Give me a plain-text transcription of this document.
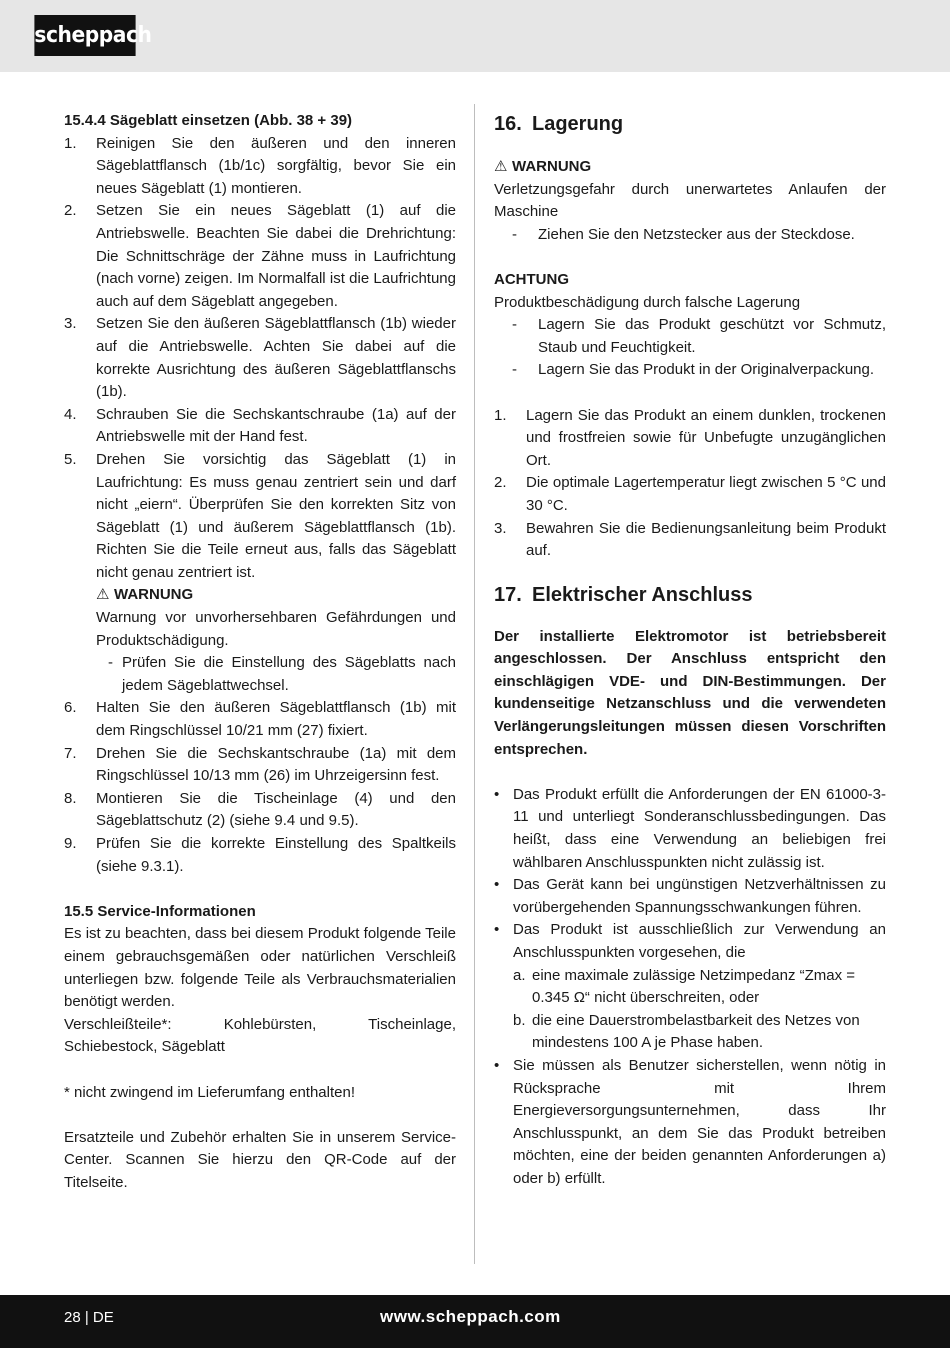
scheppach

15.4.4 Sägeblatt einsetzen (Abb. 38 + 39)

1.	Reinigen Sie den äußeren und den inneren Sägeblattflansch (1b/1c) sorgfältig, bevor Sie ein neues Sägeblatt (1) montieren.
2.	Setzen Sie ein neues Sägeblatt (1) auf die Antriebswelle. Beachten Sie dabei die Drehrichtung: Die Schnittschräge der Zähne muss in Laufrichtung (nach vorne) zeigen. Im Normalfall ist die Laufrichtung auch auf dem Sägeblatt angegeben.
3.	Setzen Sie den äußeren Sägeblattflansch (1b) wieder auf die Antriebswelle. Achten Sie dabei auf die korrekte Ausrichtung des äußeren Sägeblattflanschs (1b).
4.	Schrauben Sie die Sechskantschraube (1a) auf der Antriebswelle mit der Hand fest.
5.	Drehen Sie vorsichtig das Sägeblatt (1) in Laufrichtung: Es muss genau zentriert sein und darf nicht „eiern“. Überprüfen Sie den korrekten Sitz von Sägeblatt (1) und äußerem Sägeblattflansch (1b). Richten Sie die Teile erneut aus, falls das Sägeblatt nicht genau zentriert ist.

⚠ WARNUNG

Warnung vor unvorhersehbaren Gefährdungen und Produktschädigung.

- Prüfen Sie die Einstellung des Sägeblatts nach jedem Sägeblattwechsel.
6.	Halten Sie den äußeren Sägeblattflansch (1b) mit dem Ringschlüssel 10/21 mm (27) fixiert.
7.	Drehen Sie die Sechskantschraube (1a) mit dem Ringschlüssel 10/13 mm (26) im Uhrzeigersinn fest.
8.	Montieren Sie die Tischeinlage (4) und den Sägeblattschutz (2) (siehe 9.4 und 9.5).
9.	Prüfen Sie die korrekte Einstellung des Spaltkeils (siehe 9.3.1).

15.5 Service-Informationen

Es ist zu beachten, dass bei diesem Produkt folgende Teile einem gebrauchsgemäßen oder natürlichen Verschleiß unterliegen bzw. folgende Teile als Verbrauchsmaterialien benötigt werden.

Verschleißteile*: Kohlebürsten, Tischeinlage, Schiebestock, Sägeblatt

* nicht zwingend im Lieferumfang enthalten!

Ersatzteile und Zubehör erhalten Sie in unserem Service-Center. Scannen Sie hierzu den QR-Code auf der Titelseite.

16. Lagerung

⚠ WARNUNG

Verletzungsgefahr durch unerwartetes Anlaufen der Maschine

-	Ziehen Sie den Netzstecker aus der Steckdose.

ACHTUNG

Produktbeschädigung durch falsche Lagerung

-	Lagern Sie das Produkt geschützt vor Schmutz, Staub und Feuchtigkeit.
-	Lagern Sie das Produkt in der Originalverpackung.
1.	Lagern Sie das Produkt an einem dunklen, trockenen und frostfreien sowie für Unbefugte unzugänglichen Ort.
2.	Die optimale Lagertemperatur liegt zwischen 5 °C und 30 °C.
3.	Bewahren Sie die Bedienungsanleitung beim Produkt auf.
17. Elektrischer Anschluss

Der installierte Elektromotor ist betriebsbereit angeschlossen. Der Anschluss entspricht den einschlägigen VDE- und DIN-Bestimmungen. Der kundenseitige Netzanschluss und die verwendeten Verlängerungsleitungen müssen diesen Vorschriften entsprechen.

• Das Produkt erfüllt die Anforderungen der EN 61000-3-11 und unterliegt Sonderanschlussbedingungen. Das heißt, dass eine Verwendung an beliebigen frei wählbaren Anschlusspunkten nicht zulässig ist.
• Das Gerät kann bei ungünstigen Netzverhältnissen zu vorübergehenden Spannungsschwankungen führen.
• Das Produkt ist ausschließlich zur Verwendung an Anschlusspunkten vorgesehen, die
a. eine maximale zulässige Netzimpedanz “Zmax = 0.345 Ω“ nicht überschreiten, oder
b. die eine Dauerstrombelastbarkeit des Netzes von mindestens 100 A je Phase haben.
• Sie müssen als Benutzer sicherstellen, wenn nötig in Rücksprache mit Ihrem Energieversorgungsunternehmen, dass Ihr Anschlusspunkt, an dem Sie das Produkt betreiben möchten, eine der beiden genannten Anforderungen a) oder b) erfüllt.
28 | DE	www.scheppach.com
